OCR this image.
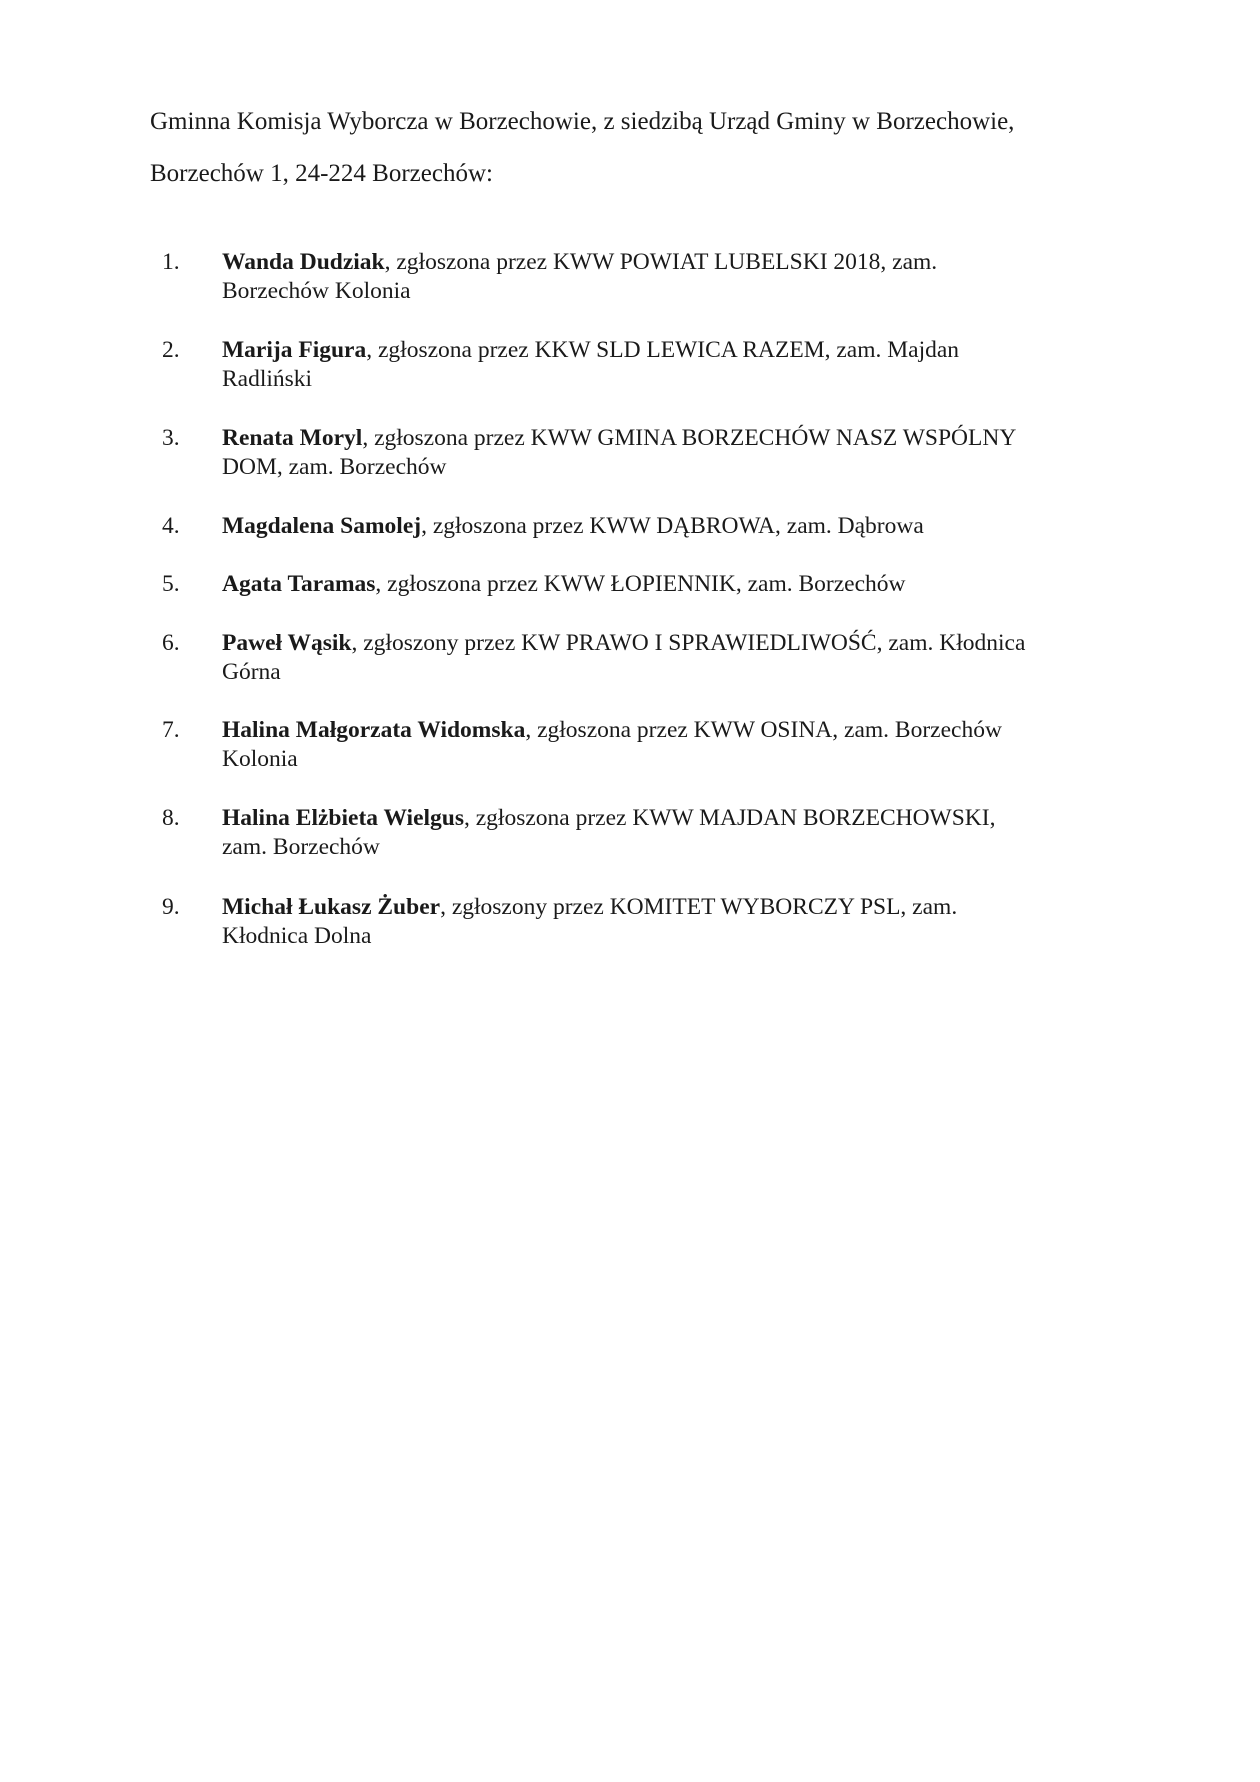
Gminna Komisja Wyborcza w Borzechowie, z siedzibą Urząd Gminy w Borzechowie,
Borzechów 1, 24-224 Borzechów:

1.	Wanda Dudziak, zgłoszona przez KWW POWIAT LUBELSKI 2018, zam.
Borzechów Kolonia
2.	Marija Figura, zgłoszona przez KKW SLD LEWICA RAZEM, zam. Majdan
Radliński
3.	Renata Moryl, zgłoszona przez KWW GMINA BORZECHÓW NASZ WSPÓLNY
DOM, zam. Borzechów
4.	Magdalena Samolej, zgłoszona przez KWW DĄBROWA, zam. Dąbrowa
5.	Agata Taramas, zgłoszona przez KWW ŁOPIENNIK, zam. Borzechów
6.	Paweł Wąsik, zgłoszony przez KW PRAWO I SPRAWIEDLIWOŚĆ, zam. Kłodnica
Górna
7.	Halina Małgorzata Widomska, zgłoszona przez KWW OSINA, zam. Borzechów
Kolonia
8.	Halina Elżbieta Wielgus, zgłoszona przez KWW MAJDAN BORZECHOWSKI,
zam. Borzechów
9.	Michał Łukasz Żuber, zgłoszony przez KOMITET WYBORCZY PSL, zam.
Kłodnica Dolna
